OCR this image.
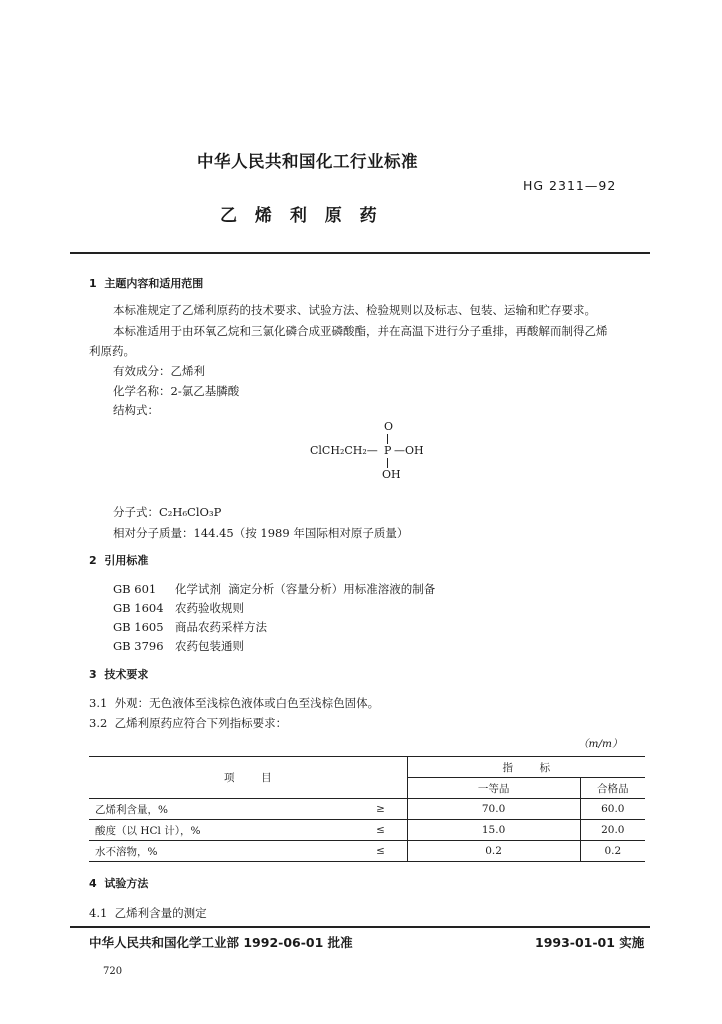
中华人民共和国化工行业标准
HG 2311—92
乙 烯 利 原 药
1  主题内容和适用范围
本标准规定了乙烯利原药的技术要求、试验方法、检验规则以及标志、包装、运输和贮存要求。
本标准适用于由环氧乙烷和三氯化磷合成亚磷酸酯，并在高温下进行分子重排，再酸解而制得乙烯
利原药。
有效成分：乙烯利
化学名称：2-氯乙基膦酸
结构式：
O
ClCH₂CH₂— P —OH
OH
分子式：C₂H₆ClO₃P
相对分子质量：144.45（按 1989 年国际相对原子质量）
2  引用标准
GB 601	化学试剂  滴定分析（容量分析）用标准溶液的制备
GB 1604 农药验收规则
GB 1605 商品农药采样方法
GB 3796 农药包装通则
3  技术要求
3.1  外观：无色液体至浅棕色液体或白色至浅棕色固体。
3.2  乙烯利原药应符合下列指标要求：
（m/m）
项        目		指        标	
		一等品	合格品
乙烯利含量，%	≥	70.0	60.0
酸度（以 HCl 计），%	≤	15.0	20.0
水不溶物，%	≤	0.2	0.2
4  试验方法
4.1  乙烯利含量的测定
中华人民共和国化学工业部 1992-06-01 批准	1993-01-01 实施
720
